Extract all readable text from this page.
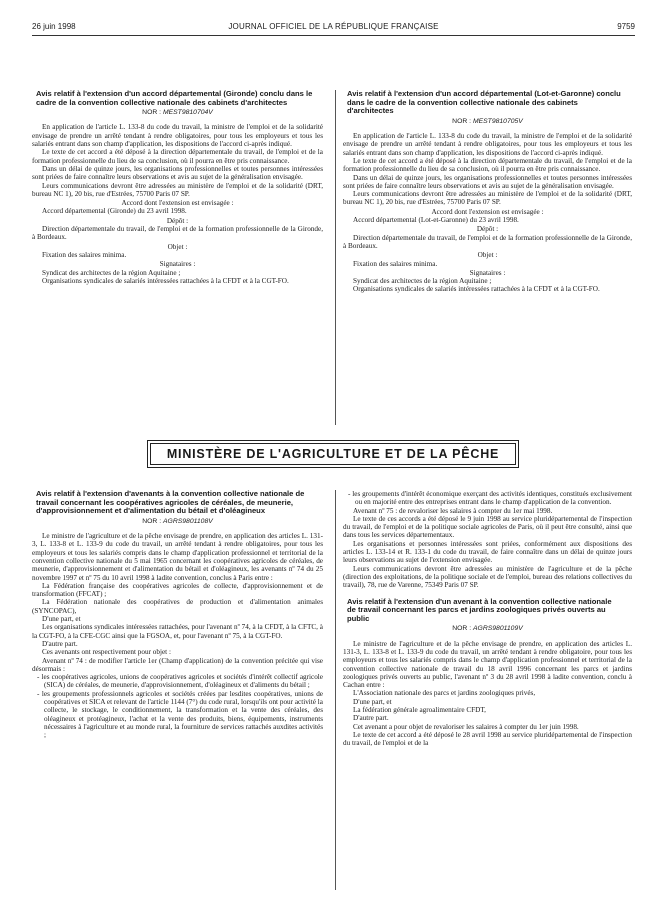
26 juin 1998	JOURNAL OFFICIEL DE LA RÉPUBLIQUE FRANÇAISE	9759
Avis relatif à l'extension d'un accord départemental (Gironde) conclu dans le cadre de la convention collective nationale des cabinets d'architectes
NOR : MEST9810704V

En application de l'article L. 133-8 du code du travail, la ministre de l'emploi et de la solidarité envisage de prendre un arrêté tendant à rendre obligatoires, pour tous les employeurs et tous les salariés entrant dans son champ d'application, les dispositions de l'accord ci-après indiqué.

Le texte de cet accord a été déposé à la direction départementale du travail, de l'emploi et de la formation professionnelle du lieu de sa conclusion, où il pourra en être pris connaissance.

Dans un délai de quinze jours, les organisations professionnelles et toutes personnes intéressées sont priées de faire connaître leurs observations et avis au sujet de la généralisation envisagée.

Leurs communications devront être adressées au ministère de l'emploi et de la solidarité (DRT, bureau NC 1), 20 bis, rue d'Estrées, 75700 Paris 07 SP.

Accord dont l'extension est envisagée :

Accord départemental (Gironde) du 23 avril 1998.

Dépôt :

Direction départementale du travail, de l'emploi et de la formation professionnelle de la Gironde, à Bordeaux.

Objet :

Fixation des salaires minima.

Signataires :

Syndicat des architectes de la région Aquitaine ;

Organisations syndicales de salariés intéressées rattachées à la CFDT et à la CGT-FO.

Avis relatif à l'extension d'un accord départemental (Lot-et-Garonne) conclu dans le cadre de la convention collective nationale des cabinets d'architectes
NOR : MEST9810705V

En application de l'article L. 133-8 du code du travail, la ministre de l'emploi et de la solidarité envisage de prendre un arrêté tendant à rendre obligatoires, pour tous les employeurs et tous les salariés entrant dans son champ d'application, les dispositions de l'accord ci-après indiqué.

Le texte de cet accord a été déposé à la direction départementale du travail, de l'emploi et de la formation professionnelle du lieu de sa conclusion, où il pourra en être pris connaissance.

Dans un délai de quinze jours, les organisations professionnelles et toutes personnes intéressées sont priées de faire connaître leurs observations et avis au sujet de la généralisation envisagée.

Leurs communications devront être adressées au ministère de l'emploi et de la solidarité (DRT, bureau NC 1), 20 bis, rue d'Estrées, 75700 Paris 07 SP.

Accord dont l'extension est envisagée :

Accord départemental (Lot-et-Garonne) du 23 avril 1998.

Dépôt :

Direction départementale du travail, de l'emploi et de la formation professionnelle de la Gironde, à Bordeaux.

Objet :

Fixation des salaires minima.

Signataires :

Syndicat des architectes de la région Aquitaine ;

Organisations syndicales de salariés intéressées rattachées à la CFDT et à la CGT-FO.

MINISTÈRE DE L'AGRICULTURE ET DE LA PÊCHE
Avis relatif à l'extension d'avenants à la convention collective nationale de travail concernant les coopératives agricoles de céréales, de meunerie, d'approvisionnement et d'alimentation du bétail et d'oléagineux
NOR : AGRS9801108V

Le ministre de l'agriculture et de la pêche envisage de prendre, en application des articles L. 131-3, L. 133-8 et L. 133-9 du code du travail, un arrêté tendant à rendre obligatoires, pour tous les employeurs et tous les salariés compris dans le champ d'application professionnel et territorial de la convention collective nationale du 5 mai 1965 concernant les coopératives agricoles de céréales, de meunerie, d'approvisionnement et d'alimentation du bétail et d'oléagineux, les avenants nº 74 du 25 novembre 1997 et nº 75 du 10 avril 1998 à ladite convention, conclus à Paris entre :

La Fédération française des coopératives agricoles de collecte, d'approvisionnement et de transformation (FFCAT) ;

La Fédération nationale des coopératives de production et d'alimentation animales (SYNCOPAC),

D'une part, et

Les organisations syndicales intéressées rattachées, pour l'avenant nº 74, à la CFDT, à la CFTC, à la CGT-FO, à la CFE-CGC ainsi que la FGSOA, et, pour l'avenant nº 75, à la CGT-FO.

D'autre part.

Ces avenants ont respectivement pour objet :

Avenant nº 74 : de modifier l'article 1er (Champ d'application) de la convention précitée qui vise désormais :

- les coopératives agricoles, unions de coopératives agricoles et sociétés d'intérêt collectif agricole (SICA) de céréales, de meunerie, d'approvisionnement, d'oléagineux et d'aliments du bétail ;
- les groupements professionnels agricoles et sociétés créées par lesdites coopératives, unions de coopératives et SICA et relevant de l'article 1144 (7°) du code rural, lorsqu'ils ont pour activité la collecte, le stockage, le conditionnement, la transformation et la vente des céréales, des oléagineux et protéagineux, l'achat et la vente des produits, biens, équipements, instruments nécessaires à l'agriculture et au monde rural, la fourniture de services rattachés auxdites activités ;
- les groupements d'intérêt économique exerçant des activités identiques, constitués exclusivement ou en majorité entre des entreprises entrant dans le champ d'application de la convention.

Avenant nº 75 : de revaloriser les salaires à compter du 1er mai 1998.

Le texte de ces accords a été déposé le 9 juin 1998 au service pluridépartemental de l'inspection du travail, de l'emploi et de la politique sociale agricoles de Paris, où il peut être consulté, ainsi que dans tous les services départementaux.

Les organisations et personnes intéressées sont priées, conformément aux dispositions des articles L. 133-14 et R. 133-1 du code du travail, de faire connaître dans un délai de quinze jours leurs observations au sujet de l'extension envisagée.

Leurs communications devront être adressées au ministère de l'agriculture et de la pêche (direction des exploitations, de la politique sociale et de l'emploi, bureau des relations collectives du travail), 78, rue de Varenne, 75349 Paris 07 SP.

Avis relatif à l'extension d'un avenant à la convention collective nationale de travail concernant les parcs et jardins zoologiques privés ouverts au public
NOR : AGRS9801109V

Le ministre de l'agriculture et de la pêche envisage de prendre, en application des articles L. 131-3, L. 133-8 et L. 133-9 du code du travail, un arrêté tendant à rendre obligatoire, pour tous les employeurs et tous les salariés compris dans le champ d'application professionnel et territorial de la convention collective nationale de travail du 18 avril 1996 concernant les parcs et jardins zoologiques privés ouverts au public, l'avenant nº 3 du 28 avril 1998 à ladite convention, conclu à Cachan entre :

L'Association nationale des parcs et jardins zoologiques privés,

D'une part, et

La fédération générale agroalimentaire CFDT,

D'autre part.

Cet avenant a pour objet de revaloriser les salaires à compter du 1er juin 1998.

Le texte de cet accord a été déposé le 28 avril 1998 au service pluridépartemental de l'inspection du travail, de l'emploi et de la
